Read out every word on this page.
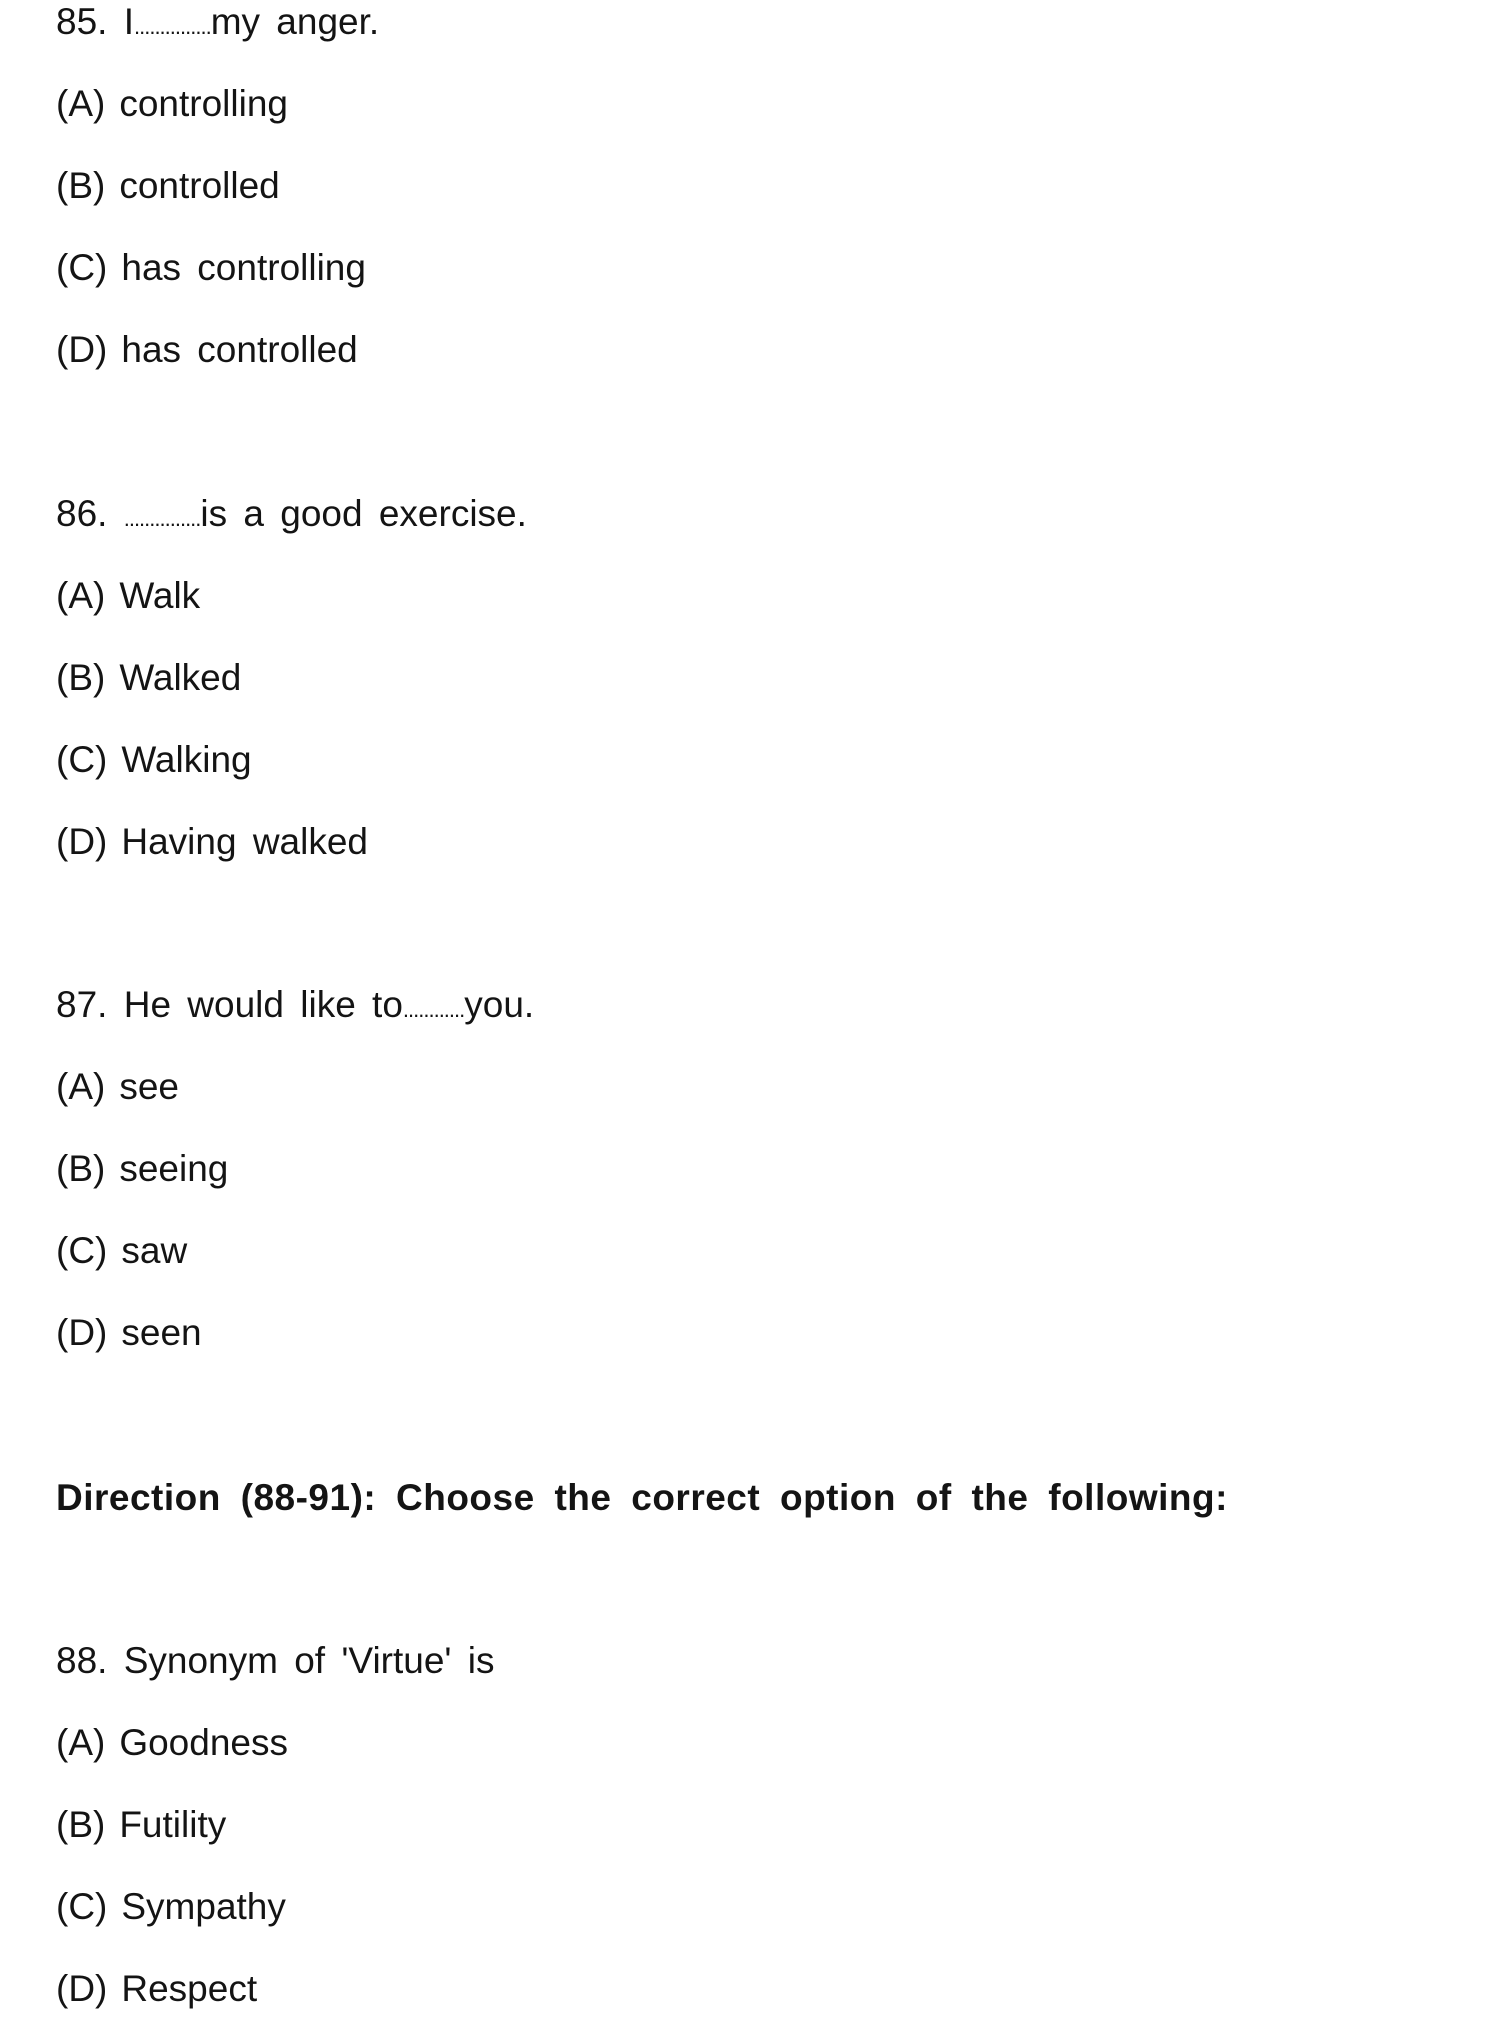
85. I...............my anger.
(A) controlling
(B) controlled
(C) has controlling
(D) has controlled
86. ...............is a good exercise.
(A) Walk
(B) Walked
(C) Walking
(D) Having walked
87. He would like to............you.
(A) see
(B) seeing
(C) saw
(D) seen
88. Synonym of 'Virtue' is
(A) Goodness
(B) Futility
(C) Sympathy
(D) Respect
Direction (88-91): Choose the correct option of the following:
